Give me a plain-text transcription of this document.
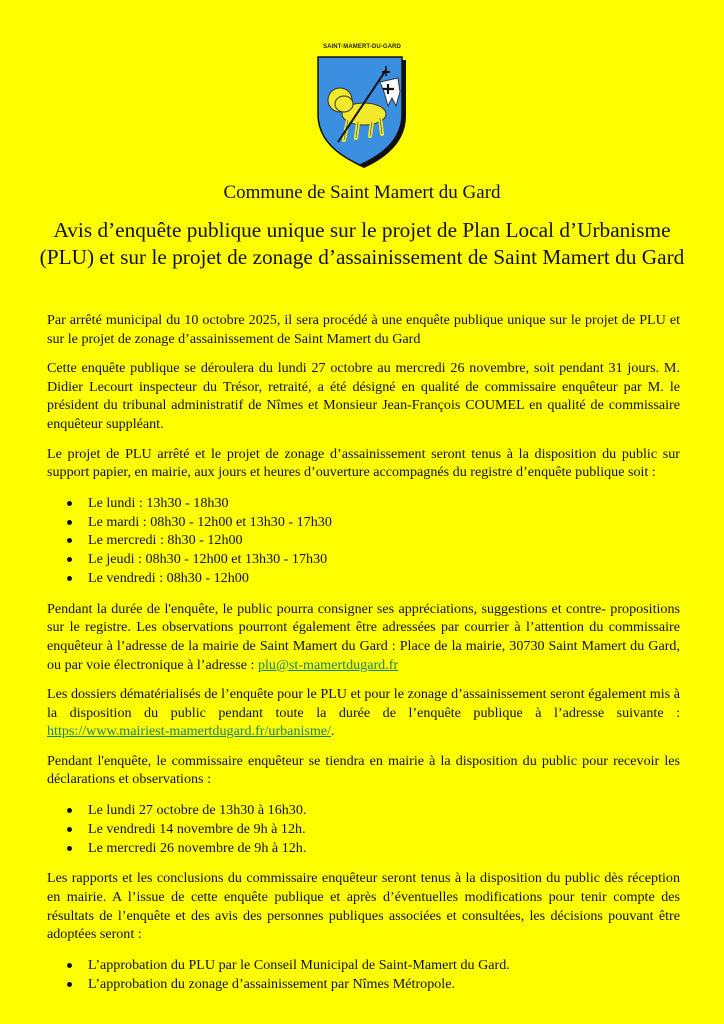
SAINT-MAMERT-DU-GARD
Commune de Saint Mamert du Gard
Avis d’enquête publique unique sur le projet de Plan Local d’Urbanisme (PLU) et sur le projet de zonage d’assainissement de Saint Mamert du Gard

Par arrêté municipal du 10 octobre 2025, il sera procédé à une enquête publique unique sur le projet de PLU et sur le projet de zonage d’assainissement de Saint Mamert du Gard

Cette enquête publique se déroulera du lundi 27 octobre au mercredi 26 novembre, soit pendant 31 jours. M. Didier Lecourt inspecteur du Trésor, retraité, a été désigné en qualité de commissaire enquêteur par M. le président du tribunal administratif de Nîmes et Monsieur Jean-François COUMEL en qualité de commissaire enquêteur suppléant.

Le projet de PLU arrêté et le projet de zonage d’assainissement seront tenus à la disposition du public sur support papier, en mairie, aux jours et heures d’ouverture accompagnés du registre d’enquête publique soit :

Le lundi : 13h30 - 18h30
Le mardi : 08h30 - 12h00 et 13h30 - 17h30
Le mercredi : 8h30 - 12h00
Le jeudi : 08h30 - 12h00 et 13h30 - 17h30
Le vendredi : 08h30 - 12h00

Pendant la durée de l'enquête, le public pourra consigner ses appréciations, suggestions et contre- propositions sur le registre. Les observations pourront également être adressées par courrier à l’attention du commissaire enquêteur à l’adresse de la mairie de Saint Mamert du Gard : Place de la mairie, 30730 Saint Mamert du Gard, ou par voie électronique à l’adresse : plu@st-mamertdugard.fr

Les dossiers dématérialisés de l’enquête pour le PLU et pour le zonage d’assainissement seront également mis à la disposition du public pendant toute la durée de l’enquête publique à l’adresse suivante : https://www.mairiest-mamertdugard.fr/urbanisme/.

Pendant l'enquête, le commissaire enquêteur se tiendra en mairie à la disposition du public pour recevoir les déclarations et observations :

Le lundi 27 octobre de 13h30 à 16h30.
Le vendredi 14 novembre de 9h à 12h.
Le mercredi 26 novembre de 9h à 12h.

Les rapports et les conclusions du commissaire enquêteur seront tenus à la disposition du public dès réception en mairie. A l’issue de cette enquête publique et après d’éventuelles modifications pour tenir compte des résultats de l’enquête et des avis des personnes publiques associées et consultées, les décisions pouvant être adoptées seront :

L’approbation du PLU par le Conseil Municipal de Saint-Mamert du Gard.
L’approbation du zonage d’assainissement par Nîmes Métropole.
